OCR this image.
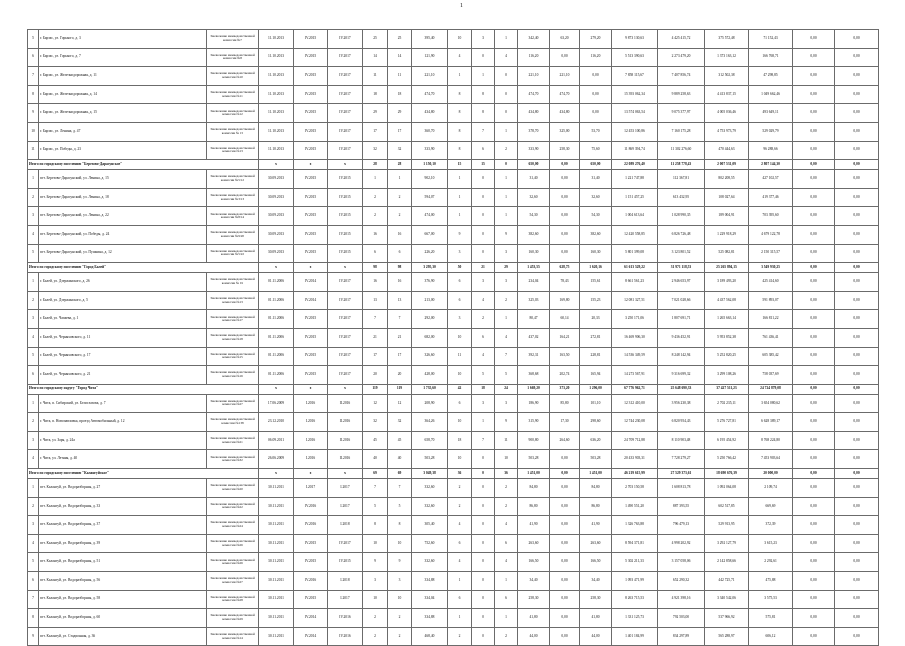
1
5	г. Барзас, ул. Горького, д. 3	Заключение межведомственной комиссии №7	11.10.2013	IV.2015	IV.2017	25	25	395,40	10	3	1	342,40	63,20	279,20	9 873 130,63	4 425 415,72	375 572,48	71 152,43	0,00	0,00
6	г. Барзас, ул. Горького, д. 7	Заключение межведомственной комиссии №8	11.10.2013	IV.2015	IV.2017	14	14	121,90	4	0	4	116,20	0,00	116,20	5 513 390,63	2 273 479,20	1 373 163,12	166 768,71	0,00	0,00
7	г. Барзас, ул. Железнодорожная, д. 11	Заключение межведомственной комиссии №10	11.10.2013	IV.2015	IV.2017	11	11	221,10	1	1	0	221,10	221,10	0,00	7 858 115,67	7 407 856,74	312 502,38	47 298,85	0,00	0,00
8	г. Барзас, ул. Железнодорожная, д. 14	Заключение межведомственной комиссии №11	11.10.2013	IV.2015	IV.2017	18	18	474,70	8	8	0	474,70	474,70	0,00	15 393 062,34	9 889 258,63	4 413 837,15	1 049 662,46	0,00	0,00
9	г. Барзас, ул. Железнодорожная, д. 15	Заключение межведомственной комиссии №12	11.10.2013	IV.2015	IV.2017	29	29	434,80	8	8	0	434,80	434,80	0,00	13 574 063,54	9 075 377,97	4 005 036,46	493 649,11	0,00	0,00
10	г. Барзас, ул. Ленина, д. 47	Заключение межведомственной комиссии № 15	11.10.2013	IV.2015	IV.2017	17	17	360,70	8	7	1	378,70	325,00	53,70	12 453 100,86	7 160 175,28	4 753 973,79	529 029,79	0,00	0,00
11	г. Барзас, ул. Победы, д. 23	Заключение межведомственной комиссии №13	11.10.2013	IV.2015	IV.2017	32	32	333,90	8	6	2	333,90	258,30	75,60	11 869 394,74	11 302 276,60	470 444,63	96 288,66	0,00	0,00
Итого по городскому поселению "Березово-Дарасунское"			x	x	x	28	28	1 150,10	15	15	0	650,00	0,00	650,00	22 089 276,40	11 258 778,43	2 007 531,09	2 807 144,30	0,00	0,00
1	пгт. Березово-Дарасунский, ул. Ленина, д. 15	Заключение межведомственной комиссии №5/12	30.09.2013	IV.2015	IV.2015	1	1	902,10	1	0	1	31,40	0,00	31,40	1 221 747,88	112 367,81	802 208,55	427 102,57	0,00	0,00
2	пгт. Березово-Дарасунский, ул. Ленина, д. 18	Заключение межведомственной комиссии №3/13	30.09.2013	IV.2015	IV.2015	2	2	594,07	1	0	1	32,60	0,00	32,60	1 151 457,25	613 432,95	108 027,64	419 377,46	0,00	0,00
3	пгт. Березово-Дарасунский, ул. Ленина, д. 22	Заключение межведомственной комиссии №8/14	30.09.2013	IV.2015	IV.2015	2	2	474,00	1	0	1	54,30	0,00	54,30	1 004 613,64	1 028 990,35	189 004,91	703 395,60	0,00	0,00
4	пгт. Березово-Дарасунский, ул. Победы, д. 24	Заключение межведомственной комиссии №9/20	30.09.2013	IV.2015	IV.2015	16	16	667,00	9	0	9	382,60	0,00	382,60	12 420 558,85	6 826 726,48	1 229 918,29	4 679 122,78	0,00	0,00
5	пгт. Березово-Дарасунский, ул. Пушкина, д. 12	Заключение межведомственной комиссии №5/22	30.09.2013	IV.2015	IV.2015	6	6	226,20	3	0	3	160,30	0,00	160,30	5 801 399,08	3 123 801,52	525 082,81	2 150 315,57	0,00	0,00
Итого по городскому поселению "Город Балей"			x	x	x	98	98	3 295,30	50	21	29	1 453,55	628,75	1 620,16	61 613 529,22	31 971 118,53	25 265 894,15	3 549 930,25	0,00	0,00
1	г. Балей, ул. Дзержинского, д. 26	Заключение межведомственной комиссии № 01	01.11.2006	IV.2014	IV.2017	16	16	376,90	6	3	3	234,04	78,43	155,61	8 661 561,23	2 946 653,97	3 189 493,20	425 414,60	0,00	0,00
2	г. Балей, ул. Дзержинского, д. 5	Заключение межведомственной комиссии №13	01.11.2006	IV.2014	IV.2017	13	13	213,00	6	4	2	325,03	169,80	155,23	12 081 327,51	7 021 028,66	4 437 562,08	591 893,07	0,00	0,00
3	г. Балей, ул. Чапаева, д. 1	Заключение межведомственной комиссии №17	01.11.2006	IV.2015	IV.2017	7	7	292,00	3	2	1	80,47	60,14	20,33	3 250 171,06	1 807 691,71	1 265 663,14	166 811,22	0,00	0,00
4	г. Балей, ул. Черняховского, д. 11	Заключение межведомственной комиссии №18	01.11.2006	IV.2015	IV.2017	21	21	682,00	10	6	4	437,02	164,21	272,81	16 469 906,30	9 436 452,91	5 953 852,38	761 436,41	0,00	0,00
5	г. Балей, ул. Черняховского, д. 17	Заключение межведомственной комиссии №15	01.11.2006	IV.2015	IV.2017	17	17	326,60	11	4	7	392,31	163,50	228,81	14 536 349,59	8 248 142,94	5 252 820,25	605 385,42	0,00	0,00
6	г. Балей, ул. Черняховского, д. 21	Заключение межведомственной комиссии №16	01.11.2006	IV.2015	IV.2017	20	20	428,00	10	5	5	368,68	202,74	165,94	14 273 567,91	9 316 699,32	3 299 108,26	758 037,69	0,00	0,00
Итого по городскому округу "Город Чита"			x	x	x	119	119	1 735,60	42	18	24	1 669,20	373,20	1 296,00	67 776 962,71	25 648 690,33	37 427 511,23	24 724 879,08	0,00	0,00
1	г. Чита, п. Сибирский, ул. Белоглазова, д. 7	Заключение межведомственной комиссии №27	17.06.2009	I.2016	II.2016	12	12	208,90	6	3	3	186,90	85,80	101,10	12 312 410,00	3 956 230,38	2 702 235,11	3 654 080,62	0,00	0,00
2	г. Чита, п. Новопавловка, проезд Автомобильный, д. 12	Заключение межведомственной комиссии №138	23.12.2010	I.2016	II.2016	32	32	364,26	10	1	9	315,90	17,30	298,60	12 744 230,08	6 820 954,43	5 276 727,81	6 628 389,17	0,00	0,00
3	г. Чита, ул. Заря, д. 24а	Заключение межведомственной комиссии №21	06.09.2011	I.2016	II.2016	45	45	658,70	18	7	11	900,80	264,60	636,20	24 709 712,88	8 110 903,48	6 195 454,92	8 768 224,80	0,00	0,00
4	г. Чита, ул. Летняя, д. 40	Заключение межведомственной комиссии №32	26.06.2009	I.2016	II.2016	40	40	503,28	10	0	10	503,28	0,00	503,28	20 433 903,31	7 728 279,27	5 250 766,42	7 453 903,64	0,00	0,00
Итого по городскому поселению "Калангуйское"			x	x	x	69	69	3 049,38	36	0	36	1 451,00	0,00	1 451,00	46 219 615,99	27 529 373,61	18 690 676,39	20 000,00	0,00	0,00
1	пгт. Калангуй, ул. Водоразборная, д. 27	Заключение межведомственной комиссии №20	30.11.2011	I.2017	I.2017	7	7	332,60	2	0	2	84,80	0,00	84,80	2 703 150,58	1 608 813,78	1 092 064,08	2 109,74	0,00	0,00
2	пгт. Калангуй, ул. Водоразборная, д. 33	Заключение межведомственной комиссии №22	30.11.2011	IV.2016	I.2017	5	5	332,60	2	0	2	86,80	0,00	86,80	1 490 551,20	887 393,55	602 517,85	669,69	0,00	0,00
3	пгт. Калангуй, ул. Водоразборная, д. 37	Заключение межведомственной комиссии №24	30.11.2011	IV.2016	I.2018	8	8	305,40	4	0	4	41,90	0,00	41,90	1 326 763,88	796 479,13	529 913,95	372,39	0,00	0,00
4	пгт. Калангуй, ул. Водоразборная, д. 39	Заключение межведомственной комиссии №26	30.11.2011	IV.2015	IV.2017	10	10	752,60	6	0	6	263,60	0,00	263,60	8 594 371,81	4 998 202,92	3 292 127,79	3 615,23	0,00	0,00
5	пгт. Калангуй, ул. Водоразборная, д. 51	Заключение межведомственной комиссии №26	30.11.2011	IV.2015	IV.2015	9	9	332,60	4	0	4	166,50	0,00	166,50	5 302 211,33	3 157 058,06	2 142 858,66	2 292,61	0,00	0,00
6	пгт. Калангуй, ул. Водоразборная, д. 56	Заключение межведомственной комиссии №27	30.11.2011	IV.2016	I.2018	3	3	334,88	1	0	1	34,40	0,00	34,40	1 093 471,99	652 290,32	442 725,71	475,88	0,00	0,00
7	пгт. Калангуй, ул. Водоразборная, д. 58	Заключение межведомственной комиссии №28	30.11.2011	IV.2015	I.2017	10	10	334,04	6	0	6	258,30	0,00	258,30	8 263 715,53	4 921 398,16	3 340 542,06	3 575,53	0,00	0,00
8	пгт. Калангуй, ул. Водоразборная, д. 60	Заключение межведомственной комиссии №29	30.11.2011	IV.2014	IV.2016	2	2	334,88	1	0	1	41,80	0,00	41,80	1 331 125,73	792 503,00	537 966,92	575,81	0,00	0,00
9	пгт. Калангуй, ул. Стадионная, д. 36	Заключение межведомственной комиссии №14	30.11.2011	IV.2014	IV.2016	2	2	468,40	2	0	2	44,00	0,00	44,00	1 401 184,99	834 297,89	565 288,97	606,12	0,00	0,00
